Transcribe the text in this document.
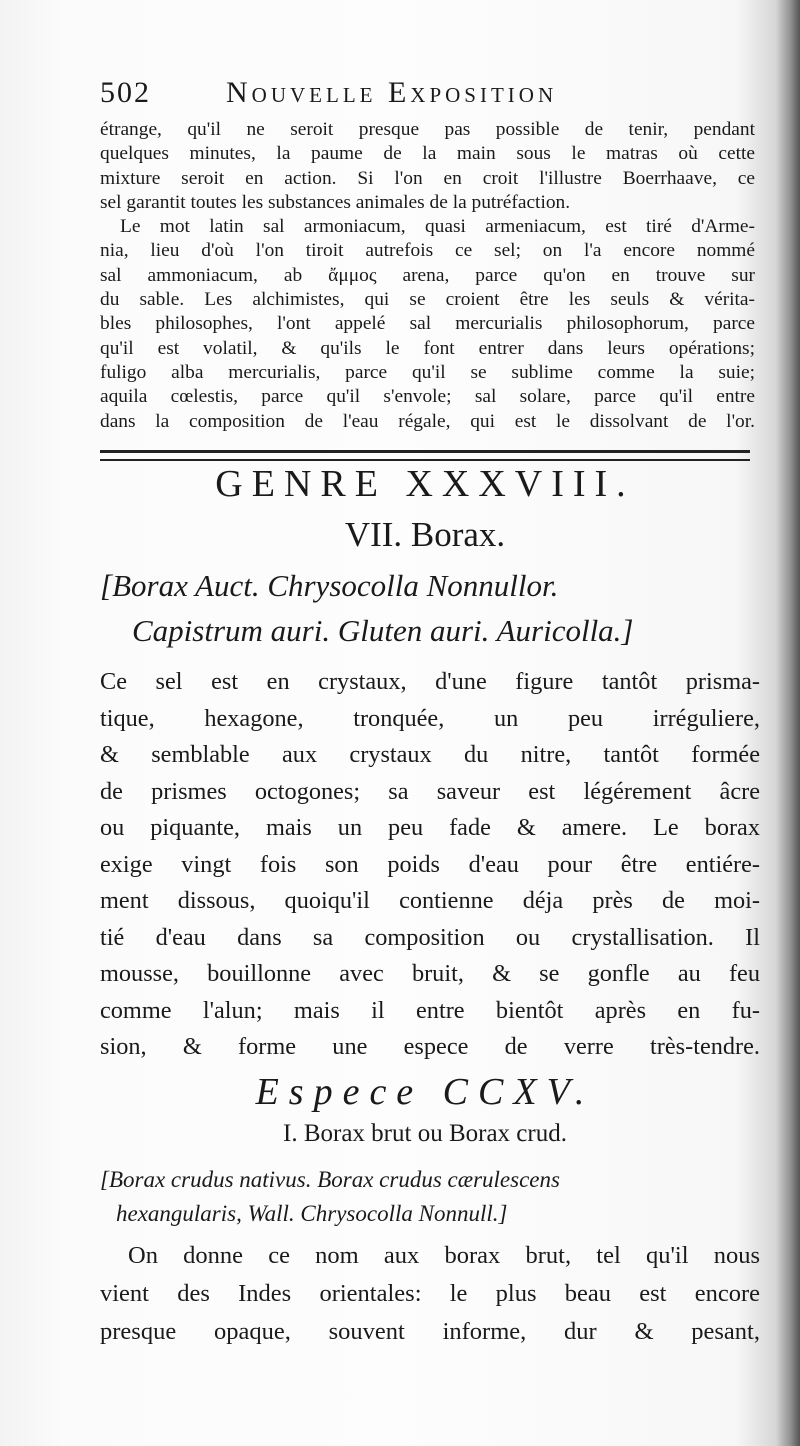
502	Nouvelle Exposition
étrange, qu'il ne seroit presque pas possible de tenir, pendant
quelques minutes, la paume de la main sous le matras où cette
mixture seroit en action. Si l'on en croit l'illustre Boerrhaave, ce
sel garantit toutes les substances animales de la putréfaction.
Le mot latin sal armoniacum, quasi armeniacum, est tiré d'Arme-
nia, lieu d'où l'on tiroit autrefois ce sel; on l'a encore nommé
sal ammoniacum, ab ἄμμος arena, parce qu'on en trouve sur
du sable. Les alchimistes, qui se croient être les seuls & vérita-
bles philosophes, l'ont appelé sal mercurialis philosophorum, parce
qu'il est volatil, & qu'ils le font entrer dans leurs opérations;
fuligo alba mercurialis, parce qu'il se sublime comme la suie;
aquila cœlestis, parce qu'il s'envole; sal solare, parce qu'il entre
dans la composition de l'eau régale, qui est le dissolvant de l'or.
GENRE XXXVIII.
VII. Borax.
[Borax Auct. Chrysocolla Nonnullor.
Capistrum auri. Gluten auri. Auricolla.]
Ce sel est en crystaux, d'une figure tantôt prisma-
tique, hexagone, tronquée, un peu irréguliere,
& semblable aux crystaux du nitre, tantôt formée
de prismes octogones; sa saveur est légérement âcre
ou piquante, mais un peu fade & amere. Le borax
exige vingt fois son poids d'eau pour être entiére-
ment dissous, quoiqu'il contienne déja près de moi-
tié d'eau dans sa composition ou crystallisation. Il
mousse, bouillonne avec bruit, & se gonfle au feu
comme l'alun; mais il entre bientôt après en fu-
sion, & forme une espece de verre très-tendre.
Espece CCXV.
I. Borax brut ou Borax crud.
[Borax crudus nativus. Borax crudus cærulescens
hexangularis, Wall. Chrysocolla Nonnull.]
On donne ce nom aux borax brut, tel qu'il nous
vient des Indes orientales: le plus beau est encore
presque opaque, souvent informe, dur & pesant,
